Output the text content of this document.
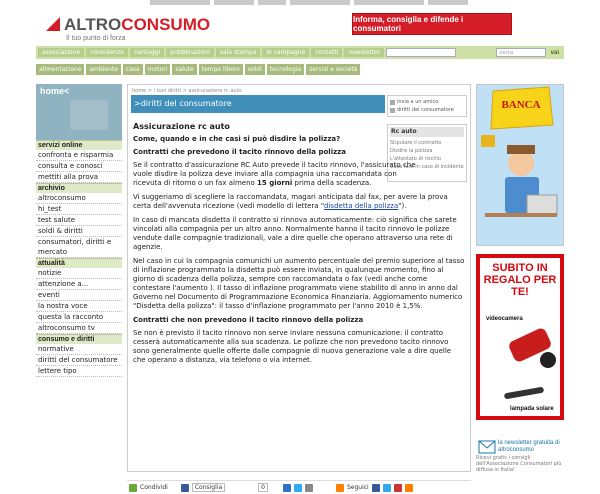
ALTROCONSUMO
Il tuo punto di forza
Informa, consiglia e difende i consumatori
associazione	consulenze	vantaggi	pubblicazioni	sala stampa	le campagne	contatti	newsletter	cerca	vai
alimentazione	ambiente	casa	motori	salute	tempo libero	soldi	tecnologia	servizi e società
home<
servizi online
confronta e risparmia
consulta e conosci
mettiti alla prova
archivio
altroconsumo
hi_test
test salute
soldi & diritti
consumatori, diritti e mercato
attualità
notizie
attenzione a...
eventi
la nostra voce
questa la racconto
altroconsumo tv
consumo e diritti
normative
diritti del consumatore
lettere tipo
home > i tuoi diritti > assicurazione rc auto
>diritti del consumatore	invia a un amico
diritti del consumatore
Rc auto
Stipulare il contratto
Disdire la polizza
L'attestato di rischio
Cosa fare in caso di incidente
Assicurazione rc auto
Come, quando e in che casi si può disdire la polizza?
Contratti che prevedono il tacito rinnovo della polizza

Se il contratto d'assicurazione RC Auto prevede il tacito rinnovo, l'assicurato che vuole disdire la polizza deve inviare alla compagnia una raccomandata con ricevuta di ritorno o un fax almeno 15 giorni prima della scadenza.

Vi suggeriamo di scegliere la raccomandata, magari anticipata dal fax, per avere la prova certa dell'avvenuta ricezione (vedi modello di lettera "disdetta della polizza").

In caso di mancata disdetta il contratto si rinnova automaticamente: ciò significa che sarete vincolati alla compagnia per un altro anno. Normalmente hanno il tacito rinnovo le polizze vendute dalle compagnie tradizionali, vale a dire quelle che operano attraverso una rete di agenzie.

Nel caso in cui la compagnia comunichi un aumento percentuale del premio superiore al tasso di inflazione programmato la disdetta può essere inviata, in qualunque momento, fino al giorno di scadenza della polizza, sempre con raccomandata o fax (vedi anche come contestare l'aumento ). Il tasso di inflazione programmato viene stabilito di anno in anno dal Governo nel Documento di Programmazione Economica Finanziaria. Aggiornamento numerico "Disdetta della polizza": il tasso d'inflazione programmato per l'anno 2010 è 1,5%.

Contratti che non prevedono il tacito rinnovo della polizza

Se non è previsto il tacito rinnovo non serve inviare nessuna comunicazione: il contratto cesserà automaticamente alla sua scadenza. Le polizze che non prevedono tacito rinnovo sono generalmente quelle offerte dalle compagnie di nuova generazione vale a dire quelle che operano a distanza, via telefono o via internet.

Condividi	Consiglia	0	Seguici
BANCA
SUBITO IN REGALO PER TE!
videocamera
lampada solare
la newsletter gratuita di altroconsumo
Ricevi gratis i consigli dell'Associazione Consumatori più diffusa in Italia!
